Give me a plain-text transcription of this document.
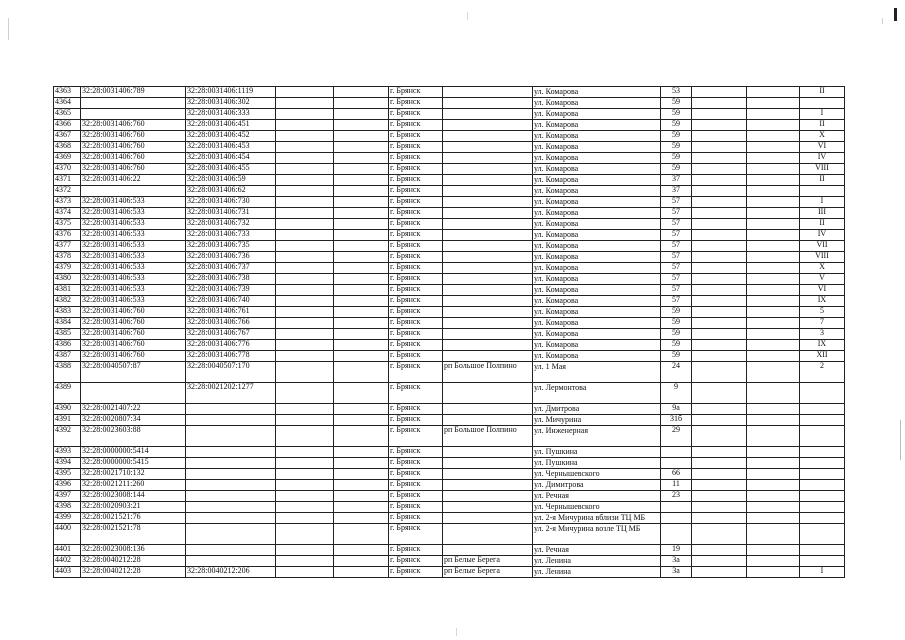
4363	32:28:0031406:789	32:28:0031406:1119			г. Брянск		ул. Комарова	53			II
4364		32:28:0031406:302			г. Брянск		ул. Комарова	59			
4365		32:28:0031406:333			г. Брянск		ул. Комарова	59			I
4366	32:28:0031406:760	32:28:0031406:451			г. Брянск		ул. Комарова	59			II
4367	32:28:0031406:760	32:28:0031406:452			г. Брянск		ул. Комарова	59			X
4368	32:28:0031406:760	32:28:0031406:453			г. Брянск		ул. Комарова	59			VI
4369	32:28:0031406:760	32:28:0031406:454			г. Брянск		ул. Комарова	59			IV
4370	32:28:0031406:760	32:28:0031406:455			г. Брянск		ул. Комарова	59			VIII
4371	32:28:0031406:22	32:28:0031406:59			г. Брянск		ул. Комарова	37			II
4372		32:28:0031406:62			г. Брянск		ул. Комарова	37			
4373	32:28:0031406:533	32:28:0031406:730			г. Брянск		ул. Комарова	57			I
4374	32:28:0031406:533	32:28:0031406:731			г. Брянск		ул. Комарова	57			III
4375	32:28:0031406:533	32:28:0031406:732			г. Брянск		ул. Комарова	57			II
4376	32:28:0031406:533	32:28:0031406:733			г. Брянск		ул. Комарова	57			IV
4377	32:28:0031406:533	32:28:0031406:735			г. Брянск		ул. Комарова	57			VII
4378	32:28:0031406:533	32:28:0031406:736			г. Брянск		ул. Комарова	57			VIII
4379	32:28:0031406:533	32:28:0031406:737			г. Брянск		ул. Комарова	57			X
4380	32:28:0031406:533	32:28:0031406:738			г. Брянск		ул. Комарова	57			V
4381	32:28:0031406:533	32:28:0031406:739			г. Брянск		ул. Комарова	57			VI
4382	32:28:0031406:533	32:28:0031406:740			г. Брянск		ул. Комарова	57			IX
4383	32:28:0031406:760	32:28:0031406:761			г. Брянск		ул. Комарова	59			5
4384	32:28:0031406:760	32:28:0031406:766			г. Брянск		ул. Комарова	59			7
4385	32:28:0031406:760	32:28:0031406:767			г. Брянск		ул. Комарова	59			3
4386	32:28:0031406:760	32:28:0031406:776			г. Брянск		ул. Комарова	59			IX
4387	32:28:0031406:760	32:28:0031406:778			г. Брянск		ул. Комарова	59			XII
4388	32:28:0040507:87	32:28:0040507:170			г. Брянск	рп Большое Полпино	ул. 1 Мая	24			2
4389		32:28:0021202:1277			г. Брянск		ул. Лермонтова	9			
4390	32:28:0021407:22				г. Брянск		ул. Дмитрова	9а			
4391	32:28:0020807:34				г. Брянск		ул. Мичурина	31б			
4392	32:28:0023603:88				г. Брянск	рп Большое Полпино	ул. Инженерная	29			
4393	32:28:0000000:5414				г. Брянск		ул. Пушкина				
4394	32:28:0000000:5415				г. Брянск		ул. Пушкина				
4395	32:28:0021710:132				г. Брянск		ул. Чернышевского	66			
4396	32:28:0021211:260				г. Брянск		ул. Димитрова	11			
4397	32:28:0023008:144				г. Брянск		ул. Речная	23			
4398	32:28:0020903:21				г. Брянск		ул. Чернышевского				
4399	32:28:0021521:76				г. Брянск		ул. 2-я Мичурина вблизи ТЦ МБ				
4400	32:28:0021521:78				г. Брянск		ул. 2-я Мичурина возле ТЦ МБ				
4401	32:28:0023008:136				г. Брянск		ул. Речная	19			
4402	32:28:0040212:28				г. Брянск	рп Белые Берега	ул. Ленина	3а			
4403	32:28:0040212:28	32:28:0040212:206			г. Брянск	рп Белые Берега	ул. Ленина	3а			I
